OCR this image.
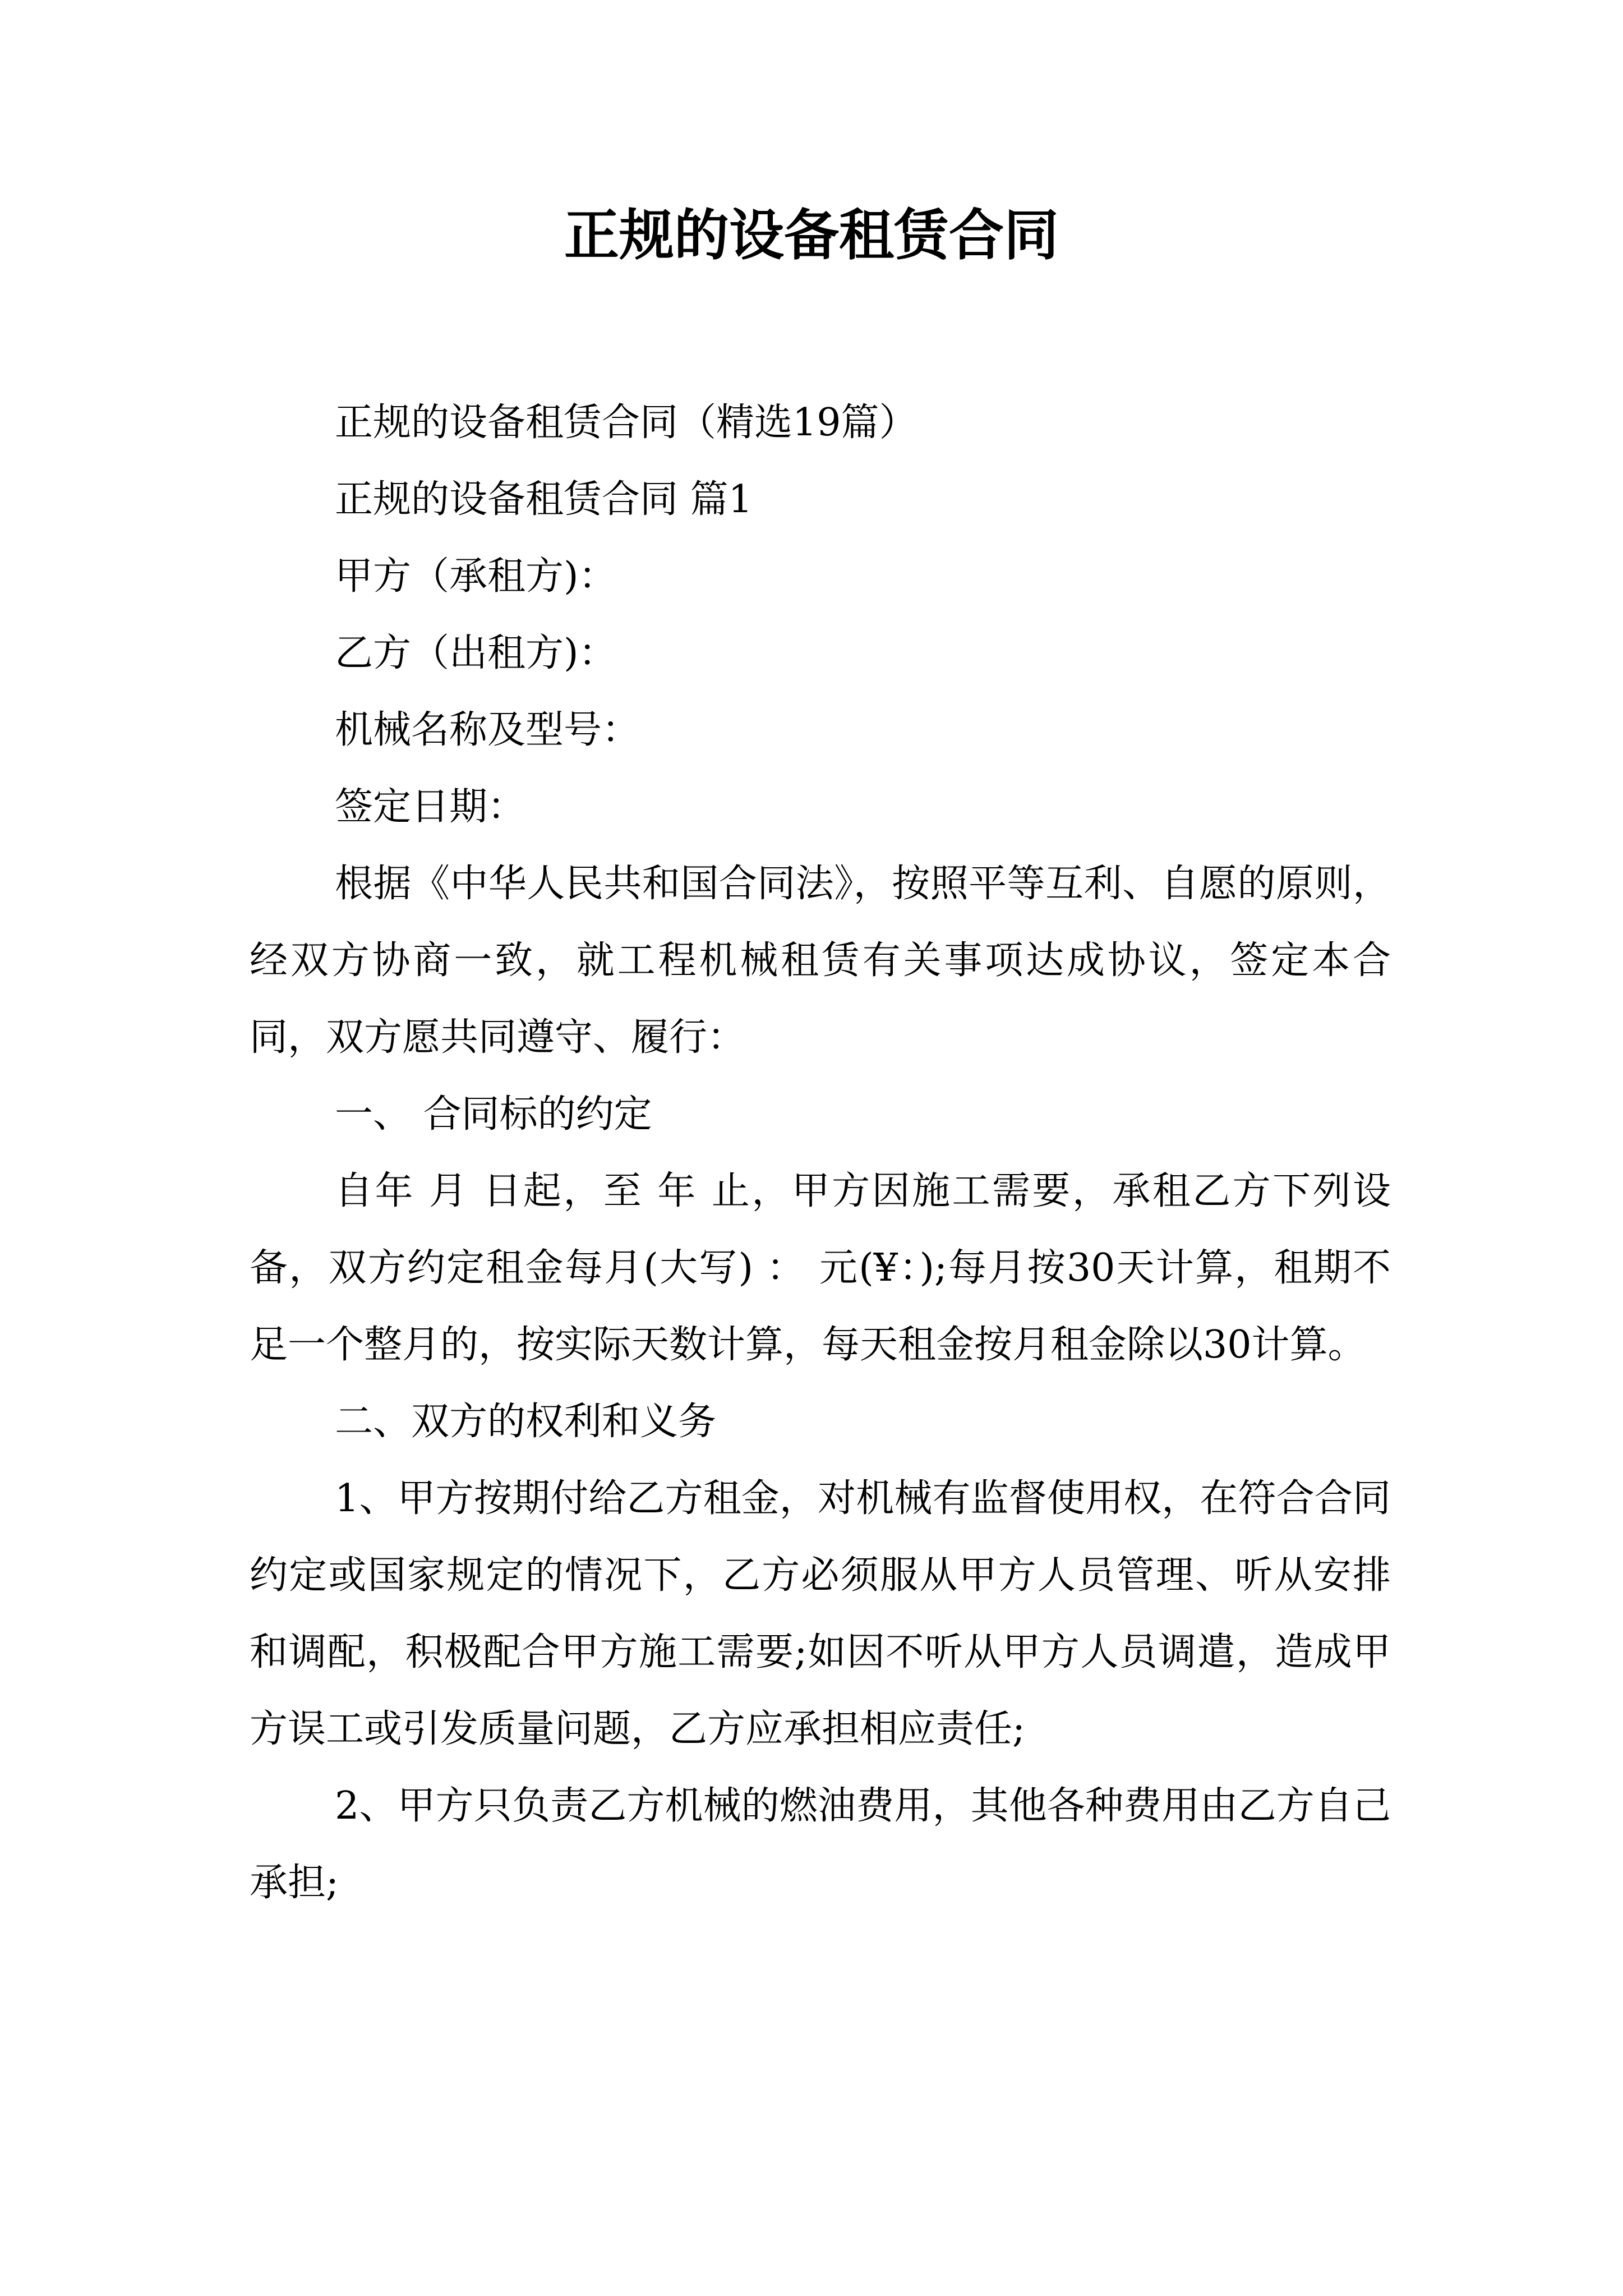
正规的设备租赁合同

正规的设备租赁合同（精选19篇）

正规的设备租赁合同 篇1

甲方（承租方)：

乙方（出租方)：

机械名称及型号：

签定日期：

根据《中华人民共和国合同法》，按照平等互利、自愿的原则，经双方协商一致，就工程机械租赁有关事项达成协议，签定本合同，双方愿共同遵守、履行：

一、 合同标的约定

自年 月 日起，至 年 止，甲方因施工需要，承租乙方下列设备，双方约定租金每月(大写) ： 元(¥：);每月按30天计算，租期不足一个整月的，按实际天数计算，每天租金按月租金除以30计算。

二、双方的权利和义务

1、甲方按期付给乙方租金，对机械有监督使用权，在符合合同约定或国家规定的情况下，乙方必须服从甲方人员管理、听从安排和调配，积极配合甲方施工需要;如因不听从甲方人员调遣，造成甲方误工或引发质量问题，乙方应承担相应责任;

2、甲方只负责乙方机械的燃油费用，其他各种费用由乙方自己承担;
